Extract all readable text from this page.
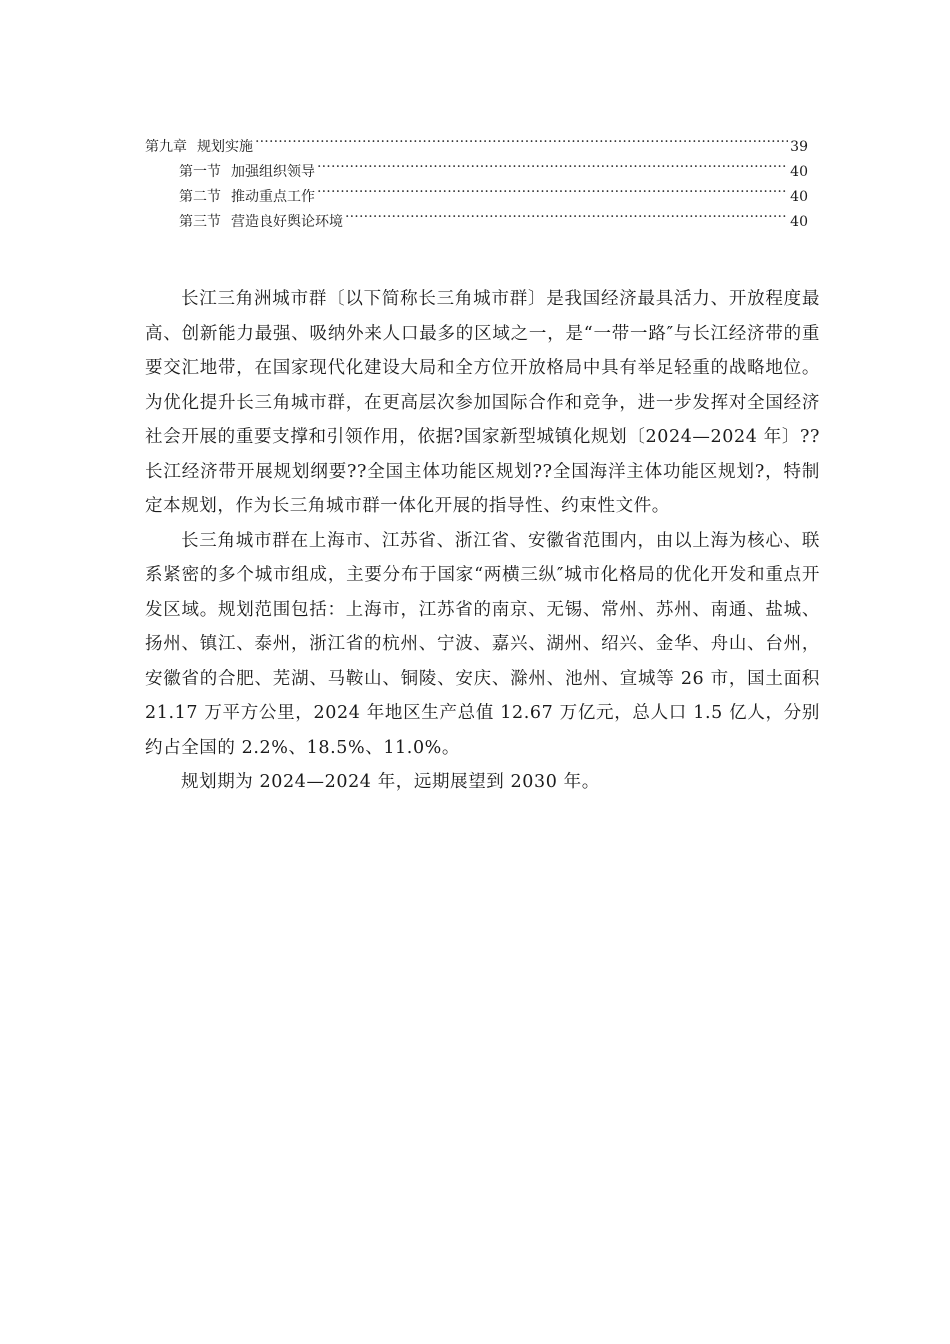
第九章 规划实施 .....	39
第一节 加强组织领导 .....	40
第二节 推动重点工作 .....	40
第三节 营造良好舆论环境 .....	40

长江三角洲城市群〔以下简称长三角城市群〕是我国经济最具活力、开放程度最高、创新能力最强、吸纳外来人口最多的区域之一，是“一带一路″与长江经济带的重要交汇地带，在国家现代化建设大局和全方位开放格局中具有举足轻重的战略地位。为优化提升长三角城市群，在更高层次参加国际合作和竞争，进一步发挥对全国经济社会开展的重要支撑和引领作用，依据?国家新型城镇化规划〔2024—2024 年〕??长江经济带开展规划纲要??全国主体功能区规划??全国海洋主体功能区规划?，特制定本规划，作为长三角城市群一体化开展的指导性、约束性文件。

长三角城市群在上海市、江苏省、浙江省、安徽省范围内，由以上海为核心、联系紧密的多个城市组成，主要分布于国家“两横三纵″城市化格局的优化开发和重点开发区域。规划范围包括：上海市，江苏省的南京、无锡、常州、苏州、南通、盐城、扬州、镇江、泰州，浙江省的杭州、宁波、嘉兴、湖州、绍兴、金华、舟山、台州，安徽省的合肥、芜湖、马鞍山、铜陵、安庆、滁州、池州、宣城等 26 市，国土面积 21.17 万平方公里，2024 年地区生产总值 12.67 万亿元，总人口 1.5 亿人，分别约占全国的 2.2%、18.5%、11.0%。

规划期为 2024—2024 年，远期展望到 2030 年。
